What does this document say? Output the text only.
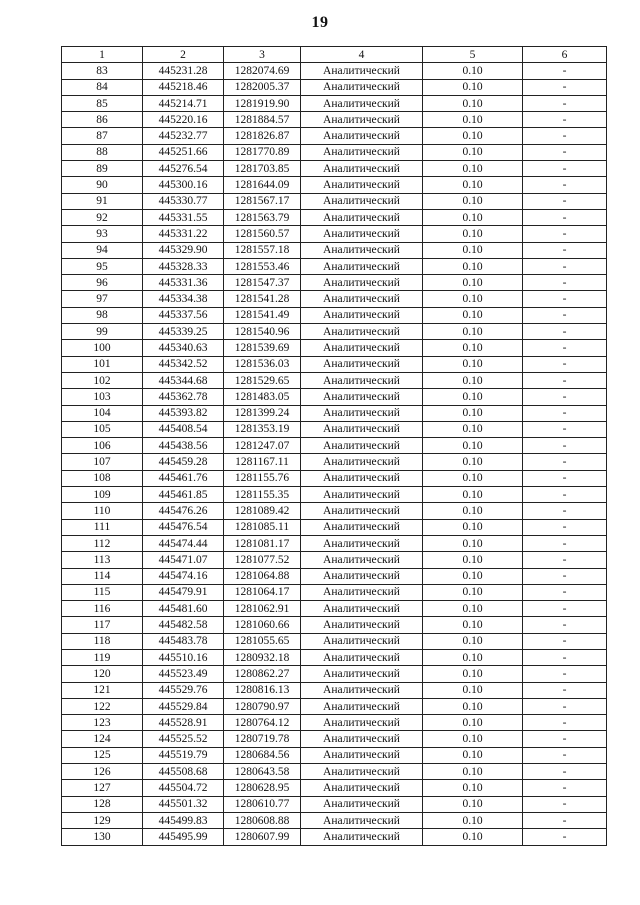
19
1	2	3	4	5	6
83	445231.28	1282074.69	Аналитический	0.10	-
84	445218.46	1282005.37	Аналитический	0.10	-
85	445214.71	1281919.90	Аналитический	0.10	-
86	445220.16	1281884.57	Аналитический	0.10	-
87	445232.77	1281826.87	Аналитический	0.10	-
88	445251.66	1281770.89	Аналитический	0.10	-
89	445276.54	1281703.85	Аналитический	0.10	-
90	445300.16	1281644.09	Аналитический	0.10	-
91	445330.77	1281567.17	Аналитический	0.10	-
92	445331.55	1281563.79	Аналитический	0.10	-
93	445331.22	1281560.57	Аналитический	0.10	-
94	445329.90	1281557.18	Аналитический	0.10	-
95	445328.33	1281553.46	Аналитический	0.10	-
96	445331.36	1281547.37	Аналитический	0.10	-
97	445334.38	1281541.28	Аналитический	0.10	-
98	445337.56	1281541.49	Аналитический	0.10	-
99	445339.25	1281540.96	Аналитический	0.10	-
100	445340.63	1281539.69	Аналитический	0.10	-
101	445342.52	1281536.03	Аналитический	0.10	-
102	445344.68	1281529.65	Аналитический	0.10	-
103	445362.78	1281483.05	Аналитический	0.10	-
104	445393.82	1281399.24	Аналитический	0.10	-
105	445408.54	1281353.19	Аналитический	0.10	-
106	445438.56	1281247.07	Аналитический	0.10	-
107	445459.28	1281167.11	Аналитический	0.10	-
108	445461.76	1281155.76	Аналитический	0.10	-
109	445461.85	1281155.35	Аналитический	0.10	-
110	445476.26	1281089.42	Аналитический	0.10	-
111	445476.54	1281085.11	Аналитический	0.10	-
112	445474.44	1281081.17	Аналитический	0.10	-
113	445471.07	1281077.52	Аналитический	0.10	-
114	445474.16	1281064.88	Аналитический	0.10	-
115	445479.91	1281064.17	Аналитический	0.10	-
116	445481.60	1281062.91	Аналитический	0.10	-
117	445482.58	1281060.66	Аналитический	0.10	-
118	445483.78	1281055.65	Аналитический	0.10	-
119	445510.16	1280932.18	Аналитический	0.10	-
120	445523.49	1280862.27	Аналитический	0.10	-
121	445529.76	1280816.13	Аналитический	0.10	-
122	445529.84	1280790.97	Аналитический	0.10	-
123	445528.91	1280764.12	Аналитический	0.10	-
124	445525.52	1280719.78	Аналитический	0.10	-
125	445519.79	1280684.56	Аналитический	0.10	-
126	445508.68	1280643.58	Аналитический	0.10	-
127	445504.72	1280628.95	Аналитический	0.10	-
128	445501.32	1280610.77	Аналитический	0.10	-
129	445499.83	1280608.88	Аналитический	0.10	-
130	445495.99	1280607.99	Аналитический	0.10	-
